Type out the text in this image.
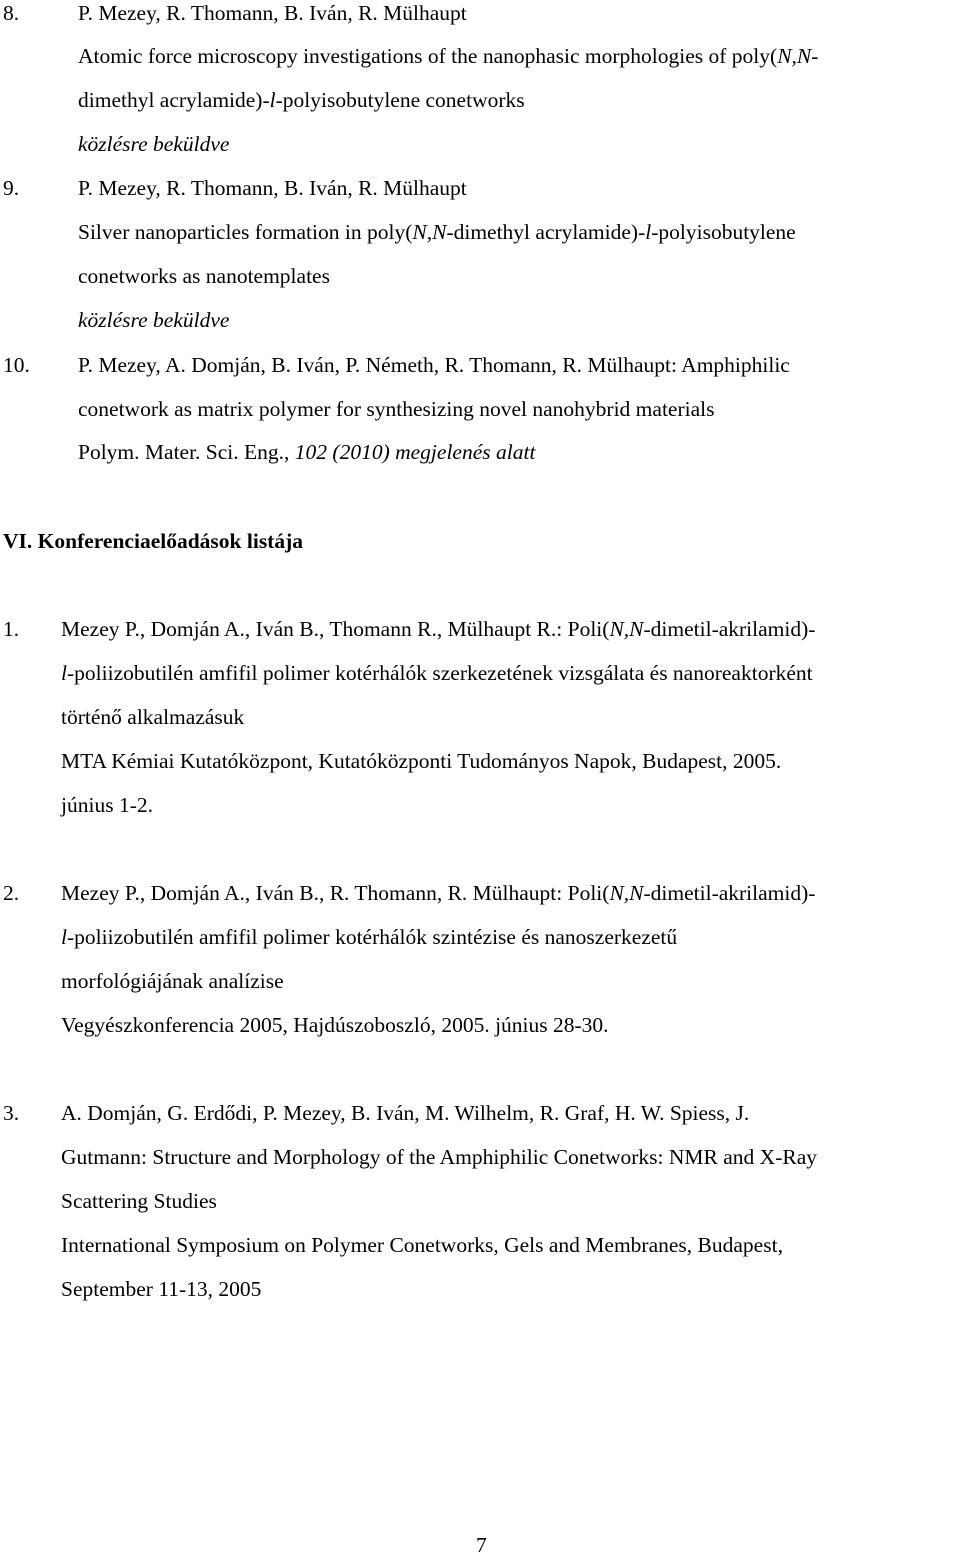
8.	P. Mezey, R. Thomann, B. Iván, R. Mülhaupt

Atomic force microscopy investigations of the nanophasic morphologies of poly(N,N-

dimethyl acrylamide)-l-polyisobutylene conetworks

közlésre beküldve

9.	P. Mezey, R. Thomann, B. Iván, R. Mülhaupt

Silver nanoparticles formation in poly(N,N-dimethyl acrylamide)-l-polyisobutylene

conetworks as nanotemplates

közlésre beküldve

10. P. Mezey, A. Domján, B. Iván, P. Németh, R. Thomann, R. Mülhaupt: Amphiphilic

conetwork as matrix polymer for synthesizing novel nanohybrid materials

Polym. Mater. Sci. Eng., 102 (2010) megjelenés alatt

VI. Konferenciaelőadások listája

1. Mezey P., Domján A., Iván B., Thomann R., Mülhaupt R.: Poli(N,N-dimetil-akrilamid)-

l-poliizobutilén amfifil polimer kotérhálók szerkezetének vizsgálata és nanoreaktorként

történő alkalmazásuk

MTA Kémiai Kutatóközpont, Kutatóközponti Tudományos Napok, Budapest, 2005.

június 1-2.

2. Mezey P., Domján A., Iván B., R. Thomann, R. Mülhaupt: Poli(N,N-dimetil-akrilamid)-

l-poliizobutilén amfifil polimer kotérhálók szintézise és nanoszerkezetű

morfológiájának analízise

Vegyészkonferencia 2005, Hajdúszoboszló, 2005. június 28-30.

3. A. Domján, G. Erdődi, P. Mezey, B. Iván, M. Wilhelm, R. Graf, H. W. Spiess, J.

Gutmann: Structure and Morphology of the Amphiphilic Conetworks: NMR and X-Ray

Scattering Studies

International Symposium on Polymer Conetworks, Gels and Membranes, Budapest,

September 11-13, 2005

7
